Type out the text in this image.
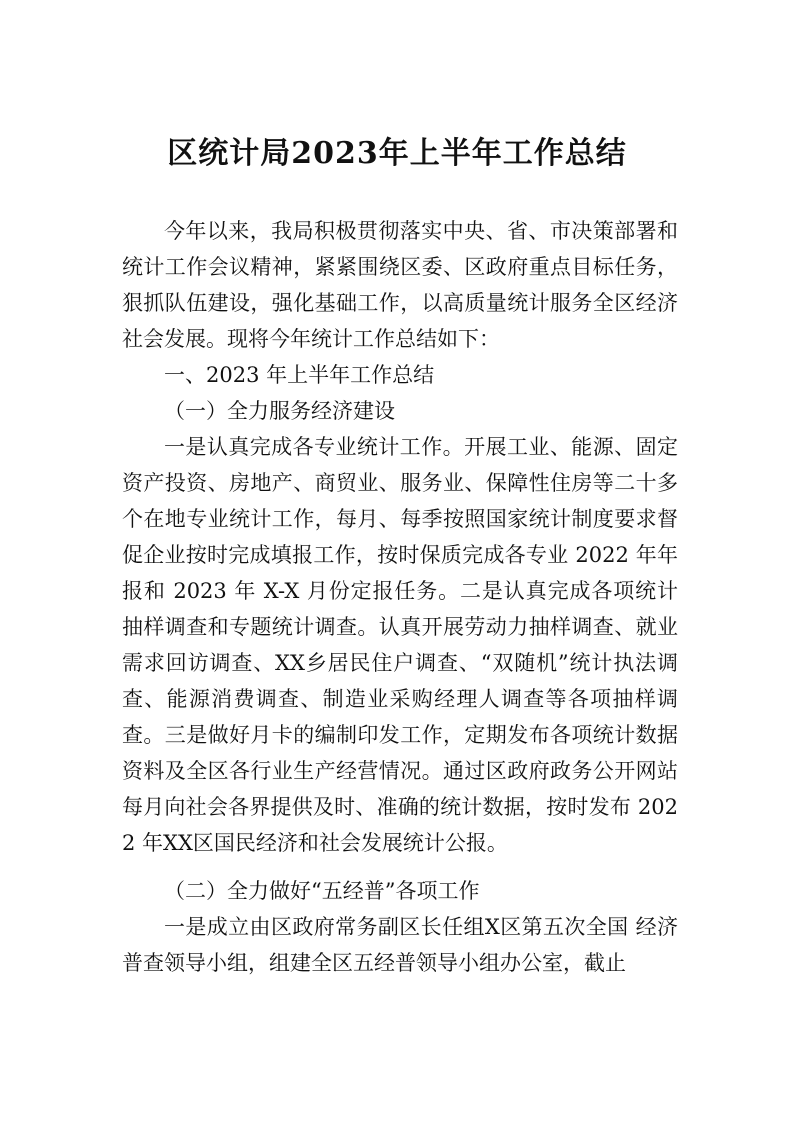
区统计局2023年上半年工作总结

今年以来，我局积极贯彻落实中央、省、市决策部署和统计工作会议精神，紧紧围绕区委、区政府重点目标任务， 狠抓队伍建设，强化基础工作，以高质量统计服务全区经济社会发展。现将今年统计工作总结如下：

一、2023 年上半年工作总结

（一）全力服务经济建设

一是认真完成各专业统计工作。开展工业、能源、固定资产投资、房地产、商贸业、服务业、保障性住房等二十多个在地专业统计工作，每月、每季按照国家统计制度要求督促企业按时完成填报工作，按时保质完成各专业 2022 年年报和 2023 年 X-X 月份定报任务。二是认真完成各项统计抽样调查和专题统计调查。认真开展劳动力抽样调查、就业需求回访调查、XX乡居民住户调查、“双随机”统计执法调查、能源消费调查、制造业采购经理人调查等各项抽样调查。三是做好月卡的编制印发工作，定期发布各项统计数据资料及全区各行业生产经营情况。通过区政府政务公开网站每月向社会各界提供及时、准确的统计数据，按时发布 2022 年XX区国民经济和社会发展统计公报。

（二）全力做好“五经普”各项工作

一是成立由区政府常务副区长任组X区第五次全国 经济普查领导小组，组建全区五经普领导小组办公室，截止
